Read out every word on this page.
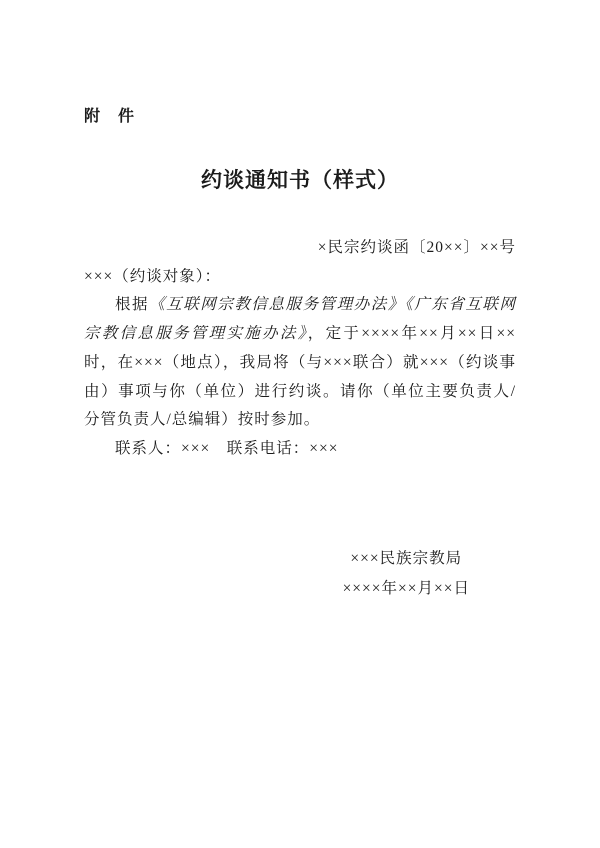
附　件
约谈通知书（样式）
×民宗约谈函〔20××〕××号
×××（约谈对象）：

根据《互联网宗教信息服务管理办法》《广东省互联网宗教信息服务管理实施办法》，定于××××年××月××日××时，在×××（地点），我局将（与×××联合）就×××（约谈事由）事项与你（单位）进行约谈。请你（单位主要负责人/分管负责人/总编辑）按时参加。

联系人：×××　联系电话：×××
×××民族宗教局
××××年××月××日
